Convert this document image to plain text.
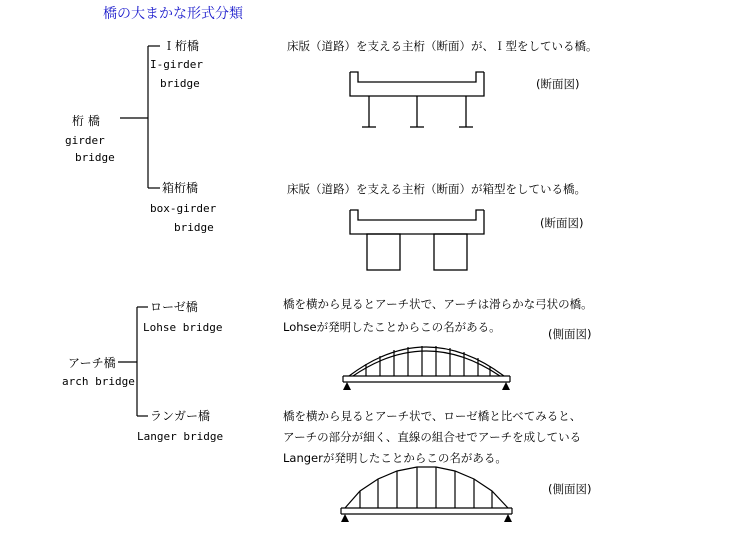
橋の大まかな形式分類
桁 橋
girder
bridge
Ｉ桁橋
I-girder
bridge
箱桁橋
box-girder
bridge
床版（道路）を支える主桁（断面）が、Ｉ型をしている橋。
(断面図)
床版（道路）を支える主桁（断面）が箱型をしている橋。
(断面図)
アーチ橋
arch bridge
ローゼ橋
Lohse bridge
ランガー橋
Langer bridge
橋を横から見るとアーチ状で、アーチは滑らかな弓状の橋。
Lohseが発明したことからこの名がある。	(側面図)
橋を横から見るとアーチ状で、ローゼ橋と比べてみると、
アーチの部分が細く、直線の組合せでアーチを成している
Langerが発明したことからこの名がある。
(側面図)
